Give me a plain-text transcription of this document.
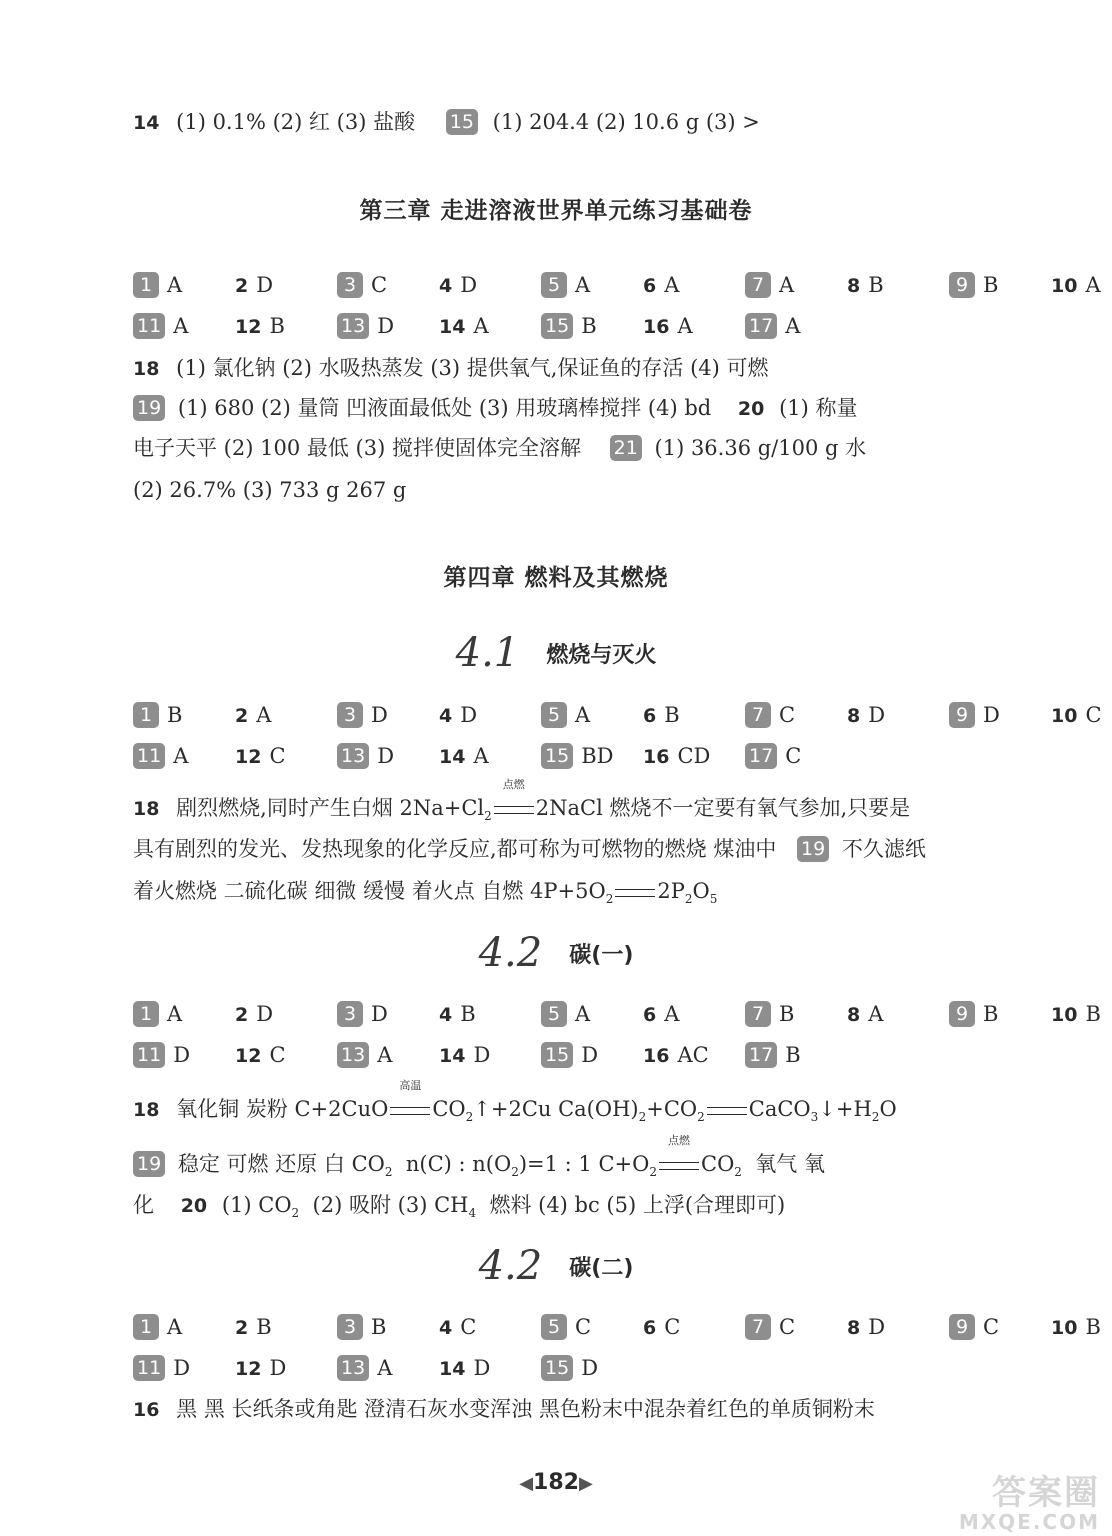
14 (1) 0.1% (2) 红 (3) 盐酸 15 (1) 204.4 (2) 10.6 g (3) >
第三章 走进溶液世界单元练习基础卷
1 A	2 D	3 C	4 D	5 A	6 A	7 A	8 B	9 B	10 A
11 A 12 B	13 D 14 A	15 B 16 A	17 A
18 (1) 氯化钠 (2) 水吸热蒸发 (3) 提供氧气,保证鱼的存活 (4) 可燃
19 (1) 680 (2) 量筒 凹液面最低处 (3) 用玻璃棒搅拌 (4) bd 20 (1) 称量
电子天平 (2) 100 最低 (3) 搅拌使固体完全溶解 21 (1) 36.36 g/100 g 水
(2) 26.7% (3) 733 g 267 g
第四章 燃料及其燃烧
4.1 燃烧与灭火
1 B	2 A	3 D	4 D	5 A	6 B	7 C	8 D	9 D	10 C
11 A 12 C	13 D 14 A	15 BD 16 CD 17 C
18 剧烈燃烧,同时产生白烟 $2Na+Cl_2$
点燃
2NaCl 燃烧不一定要有氧气参加,只要是
具有剧烈的发光、发热现象的化学反应,都可称为可燃物的燃烧 煤油中 19 不久滤纸
着火燃烧 二硫化碳 细微 缓慢 着火点 自燃 $4P+5O_2$ $2P_2O_5$
4.2 碳(一)
1 A	2 D	3 D	4 B	5 A	6 A	7 B	8 A	9 B	10 B
11 D 12 C	13 A 14 D	15 D 16 AC 17 B
18 氧化铜 炭粉 C+2CuO
高温
$CO_2↑+2Cu$ $Ca(OH)_2+CO_2$ $CaCO_3↓+H_2O$
19 稳定 可燃 还原 白 $CO_2$ n(C) : $n(O_2)=1$ : 1 $C+O_2$
点燃
$CO_2$ 氧气 氧
化 20 (1) $CO_2$ (2) 吸附 (3) $CH_4$ 燃料 (4) bc (5) 上浮(合理即可)
4.2 碳(二)
1 A	2 B	3 B	4 C	5 C	6 C	7 C	8 D	9 C	10 B
11 D 12 D	13 A 14 D	15 D
16 黑 黑 长纸条或角匙 澄清石灰水变浑浊 黑色粉末中混杂着红色的单质铜粉末
◀182▶	答案圈
MXQE.COM
